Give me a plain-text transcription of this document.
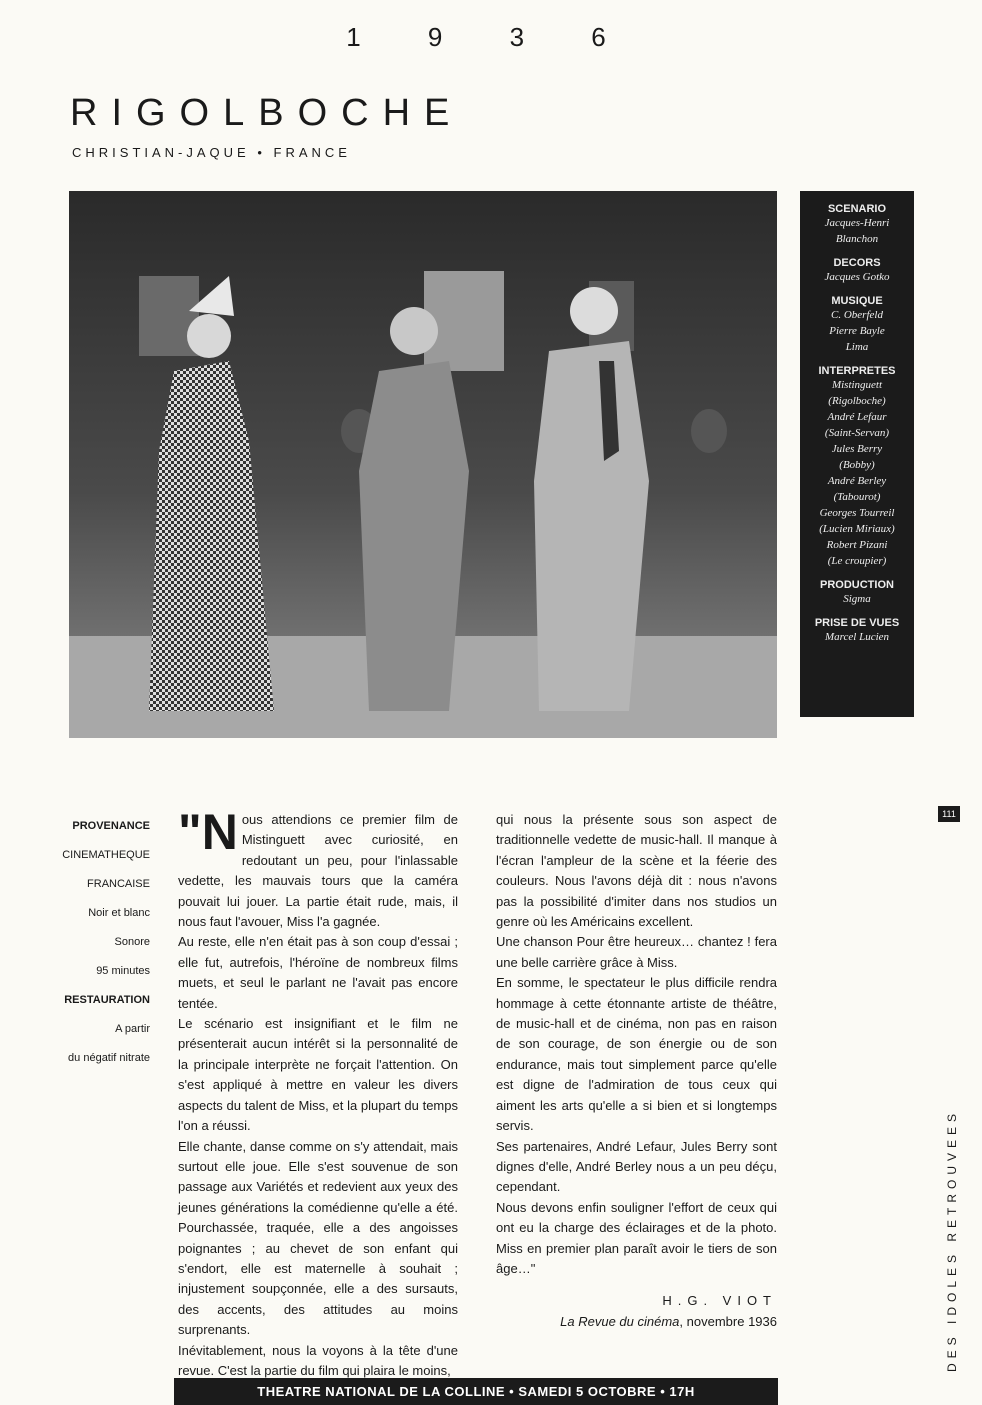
1 9 3 6
RIGOLBOCHE
CHRISTIAN-JAQUE • FRANCE
SCENARIO
Jacques-Henri
Blanchon
DECORS
Jacques Gotko
MUSIQUE
C. Oberfeld
Pierre Bayle
Lima
INTERPRETES
Mistinguett
(Rigolboche)
André Lefaur
(Saint-Servan)
Jules Berry
(Bobby)
André Berley
(Tabourot)
Georges Tourreil
(Lucien Miriaux)
Robert Pizani
(Le croupier)
PRODUCTION
Sigma
PRISE DE VUES
Marcel Lucien
PROVENANCE
CINEMATHEQUE
FRANCAISE
Noir et blanc
Sonore
95 minutes
RESTAURATION
A partir
du négatif nitrate

"Nous attendions ce premier film de Mistinguett avec curiosité, en redoutant un peu, pour l'inlassable vedette, les mauvais tours que la caméra pouvait lui jouer. La partie était rude, mais, il nous faut l'avouer, Miss l'a gagnée.

Au reste, elle n'en était pas à son coup d'essai ; elle fut, autrefois, l'héroïne de nombreux films muets, et seul le parlant ne l'avait pas encore tentée.

Le scénario est insignifiant et le film ne présenterait aucun intérêt si la personnalité de la principale interprète ne forçait l'attention. On s'est appliqué à mettre en valeur les divers aspects du talent de Miss, et la plupart du temps l'on a réussi.

Elle chante, danse comme on s'y attendait, mais surtout elle joue. Elle s'est souvenue de son passage aux Variétés et redevient aux yeux des jeunes générations la comédienne qu'elle a été. Pourchassée, traquée, elle a des angoisses poignantes ; au chevet de son enfant qui s'endort, elle est maternelle à souhait ; injustement soupçonnée, elle a des sursauts, des accents, des attitudes au moins surprenants.

Inévitablement, nous la voyons à la tête d'une revue. C'est la partie du film qui plaira le moins,

qui nous la présente sous son aspect de traditionnelle vedette de music-hall. Il manque à l'écran l'ampleur de la scène et la féerie des couleurs. Nous l'avons déjà dit : nous n'avons pas la possibilité d'imiter dans nos studios un genre où les Américains excellent.

Une chanson Pour être heureux… chantez ! fera une belle carrière grâce à Miss.

En somme, le spectateur le plus difficile rendra hommage à cette étonnante artiste de théâtre, de music-hall et de cinéma, non pas en raison de son courage, de son énergie ou de son endurance, mais tout simplement parce qu'elle est digne de l'admiration de tous ceux qui aiment les arts qu'elle a si bien et si longtemps servis.

Ses partenaires, André Lefaur, Jules Berry sont dignes d'elle, André Berley nous a un peu déçu, cependant.

Nous devons enfin souligner l'effort de ceux qui ont eu la charge des éclairages et de la photo. Miss en premier plan paraît avoir le tiers de son âge…"

H.G. VIOT
La Revue du cinéma, novembre 1936
111
DES IDOLES RETROUVEES
THEATRE NATIONAL DE LA COLLINE • SAMEDI 5 OCTOBRE • 17H
